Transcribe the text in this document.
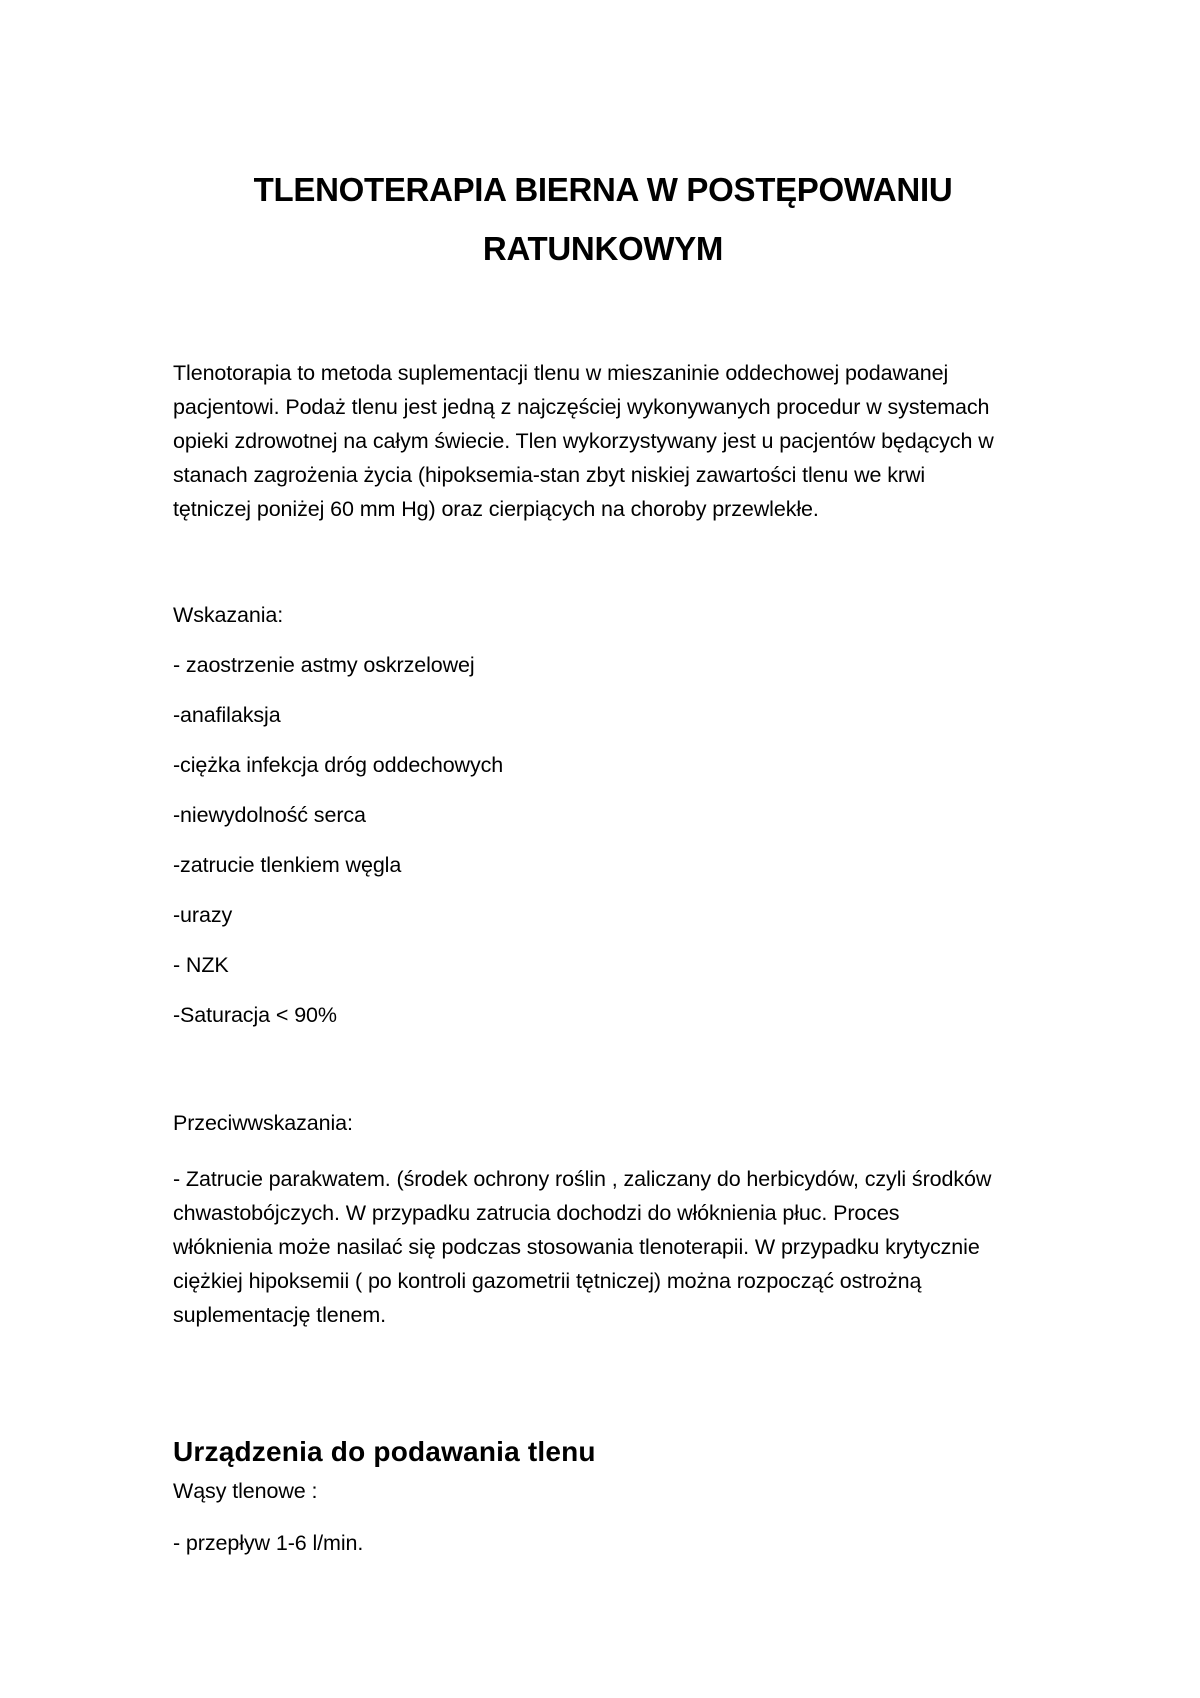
TLENOTERAPIA BIERNA W POSTĘPOWANIU
RATUNKOWYM

Tlenotorapia to metoda suplementacji tlenu w mieszaninie oddechowej podawanej
pacjentowi. Podaż tlenu jest jedną z najczęściej wykonywanych procedur w systemach
opieki zdrowotnej na całym świecie. Tlen wykorzystywany jest u pacjentów będących w
stanach zagrożenia życia (hipoksemia-stan zbyt niskiej zawartości tlenu we krwi
tętniczej poniżej 60 mm Hg) oraz cierpiących na choroby przewlekłe.

Wskazania:

- zaostrzenie astmy oskrzelowej
-anafilaksja
-ciężka infekcja dróg oddechowych
-niewydolność serca
-zatrucie tlenkiem węgla
-urazy
- NZK
-Saturacja < 90%

Przeciwwskazania:

- Zatrucie parakwatem. (środek ochrony roślin , zaliczany do herbicydów, czyli środków
chwastobójczych. W przypadku zatrucia dochodzi do włóknienia płuc. Proces
włóknienia może nasilać się podczas stosowania tlenoterapii. W przypadku krytycznie
ciężkiej hipoksemii ( po kontroli gazometrii tętniczej) można rozpocząć ostrożną
suplementację tlenem.

Urządzenia do podawania tlenu

Wąsy tlenowe :

- przepływ 1-6 l/min.
